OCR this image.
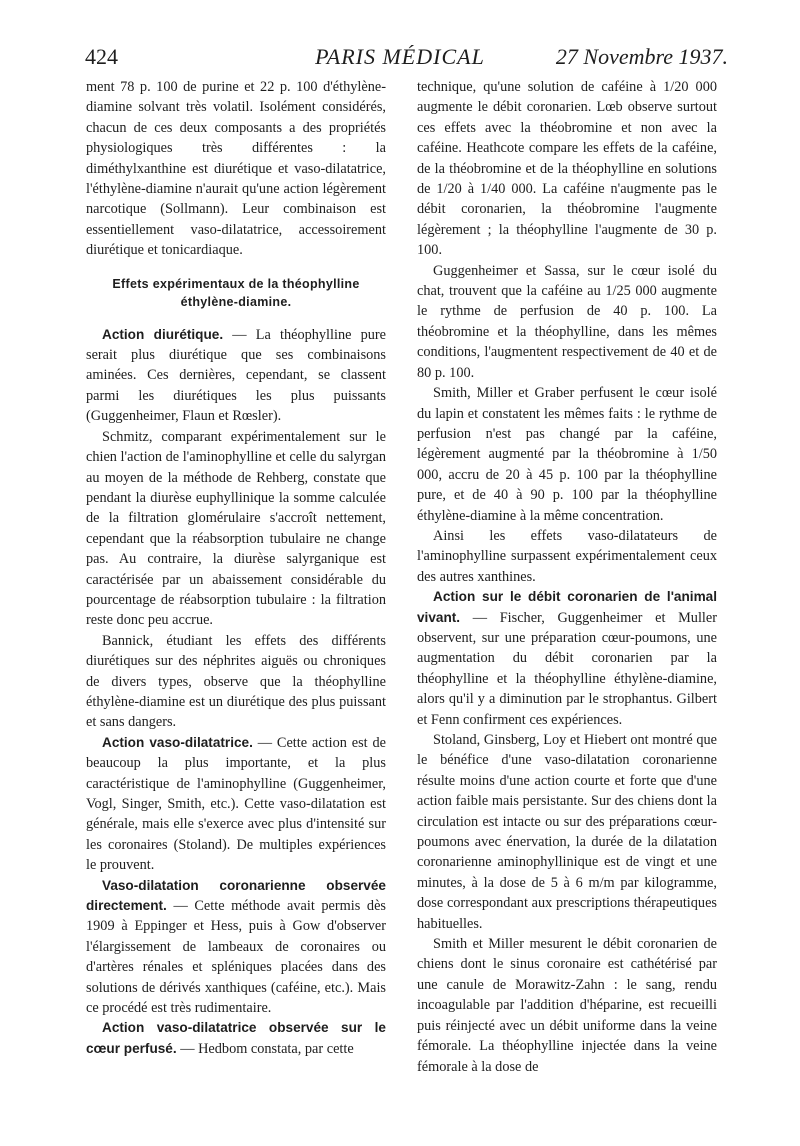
424	PARIS MÉDICAL	27 Novembre 1937.

ment 78 p. 100 de purine et 22 p. 100 d'éthylène-diamine solvant très volatil. Isolément considérés, chacun de ces deux composants a des propriétés physiologiques très différentes : la diméthylxanthine est diurétique et vaso-dilatatrice, l'éthylène-diamine n'aurait qu'une action légèrement narcotique (Sollmann). Leur combinaison est essentiellement vaso-dilatatrice, accessoirement diurétique et tonicardiaque.

Effets expérimentaux de la théophylline
éthylène-diamine.

Action diurétique. — La théophylline pure serait plus diurétique que ses combinaisons aminées. Ces dernières, cependant, se classent parmi les diurétiques les plus puissants (Guggenheimer, Flaun et Rœsler).

Schmitz, comparant expérimentalement sur le chien l'action de l'aminophylline et celle du salyrgan au moyen de la méthode de Rehberg, constate que pendant la diurèse euphyllinique la somme calculée de la filtration glomérulaire s'accroît nettement, cependant que la réabsorption tubulaire ne change pas. Au contraire, la diurèse salyrganique est caractérisée par un abaissement considérable du pourcentage de réabsorption tubulaire : la filtration reste donc peu accrue.

Bannick, étudiant les effets des différents diurétiques sur des néphrites aiguës ou chroniques de divers types, observe que la théophylline éthylène-diamine est un diurétique des plus puissant et sans dangers.

Action vaso-dilatatrice. — Cette action est de beaucoup la plus importante, et la plus caractéristique de l'aminophylline (Guggenheimer, Vogl, Singer, Smith, etc.). Cette vaso-dilatation est générale, mais elle s'exerce avec plus d'intensité sur les coronaires (Stoland). De multiples expériences le prouvent.

Vaso-dilatation coronarienne observée directement. — Cette méthode avait permis dès 1909 à Eppinger et Hess, puis à Gow d'observer l'élargissement de lambeaux de coronaires ou d'artères rénales et spléniques placées dans des solutions de dérivés xanthiques (caféine, etc.). Mais ce procédé est très rudimentaire.

Action vaso-dilatatrice observée sur le cœur perfusé. — Hedbom constata, par cette

technique, qu'une solution de caféine à 1/20 000 augmente le débit coronarien. Lœb observe surtout ces effets avec la théobromine et non avec la caféine. Heathcote compare les effets de la caféine, de la théobromine et de la théophylline en solutions de 1/20 à 1/40 000. La caféine n'augmente pas le débit coronarien, la théobromine l'augmente légèrement ; la théophylline l'augmente de 30 p. 100.

Guggenheimer et Sassa, sur le cœur isolé du chat, trouvent que la caféine au 1/25 000 augmente le rythme de perfusion de 40 p. 100. La théobromine et la théophylline, dans les mêmes conditions, l'augmentent respectivement de 40 et de 80 p. 100.

Smith, Miller et Graber perfusent le cœur isolé du lapin et constatent les mêmes faits : le rythme de perfusion n'est pas changé par la caféine, légèrement augmenté par la théobromine à 1/50 000, accru de 20 à 45 p. 100 par la théophylline pure, et de 40 à 90 p. 100 par la théophylline éthylène-diamine à la même concentration.

Ainsi les effets vaso-dilatateurs de l'aminophylline surpassent expérimentalement ceux des autres xanthines.

Action sur le débit coronarien de l'animal vivant. — Fischer, Guggenheimer et Muller observent, sur une préparation cœur-poumons, une augmentation du débit coronarien par la théophylline et la théophylline éthylène-diamine, alors qu'il y a diminution par le strophantus. Gilbert et Fenn confirment ces expériences.

Stoland, Ginsberg, Loy et Hiebert ont montré que le bénéfice d'une vaso-dilatation coronarienne résulte moins d'une action courte et forte que d'une action faible mais persistante. Sur des chiens dont la circulation est intacte ou sur des préparations cœur-poumons avec énervation, la durée de la dilatation coronarienne aminophyllinique est de vingt et une minutes, à la dose de 5 à 6 m/m par kilogramme, dose correspondant aux prescriptions thérapeutiques habituelles.

Smith et Miller mesurent le débit coronarien de chiens dont le sinus coronaire est cathétérisé par une canule de Morawitz-Zahn : le sang, rendu incoagulable par l'addition d'héparine, est recueilli puis réinjecté avec un débit uniforme dans la veine fémorale. La théophylline injectée dans la veine fémorale à la dose de
